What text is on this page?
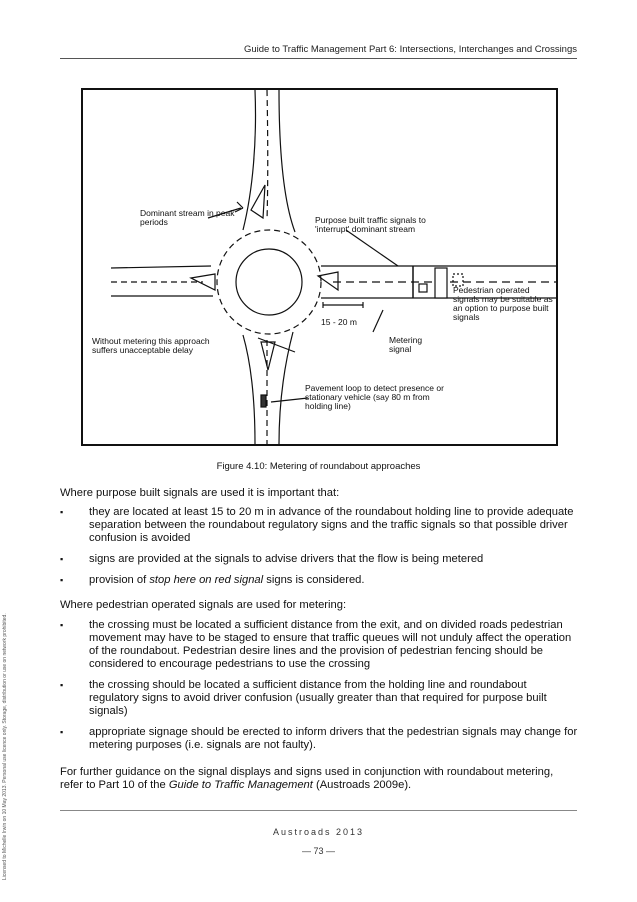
Guide to Traffic Management Part 6: Intersections, Interchanges and Crossings
Licensed to Michelle Irwin on 10 May 2013. Personal use licence only. Storage, distribution or use on network prohibited.
Dominant stream in peak periods	Purpose built traffic signals to 'interrupt' dominant stream
Pedestrian operated signals may be suitable as an option to purpose built signals
Without metering this approach suffers unacceptable delay
15 - 20 m
Metering signal
Pavement loop to detect presence or stationary vehicle (say 80 m from holding line)
Figure 4.10: Metering of roundabout approaches
Where purpose built signals are used it is important that:
▪ they are located at least 15 to 20 m in advance of the roundabout holding line to provide adequate separation between the roundabout regulatory signs and the traffic signals so that possible driver confusion is avoided
▪ signs are provided at the signals to advise drivers that the flow is being metered
▪ provision of stop here on red signal signs is considered.
Where pedestrian operated signals are used for metering:
▪ the crossing must be located a sufficient distance from the exit, and on divided roads pedestrian movement may have to be staged to ensure that traffic queues will not unduly affect the operation of the roundabout. Pedestrian desire lines and the provision of pedestrian fencing should be considered to encourage pedestrians to use the crossing
▪ the crossing should be located a sufficient distance from the holding line and roundabout regulatory signs to avoid driver confusion (usually greater than that required for purpose built signals)
▪ appropriate signage should be erected to inform drivers that the pedestrian signals may change for metering purposes (i.e. signals are not faulty).
For further guidance on the signal displays and signs used in conjunction with roundabout metering, refer to Part 10 of the Guide to Traffic Management (Austroads 2009e).
Austroads 2013
— 73 —
